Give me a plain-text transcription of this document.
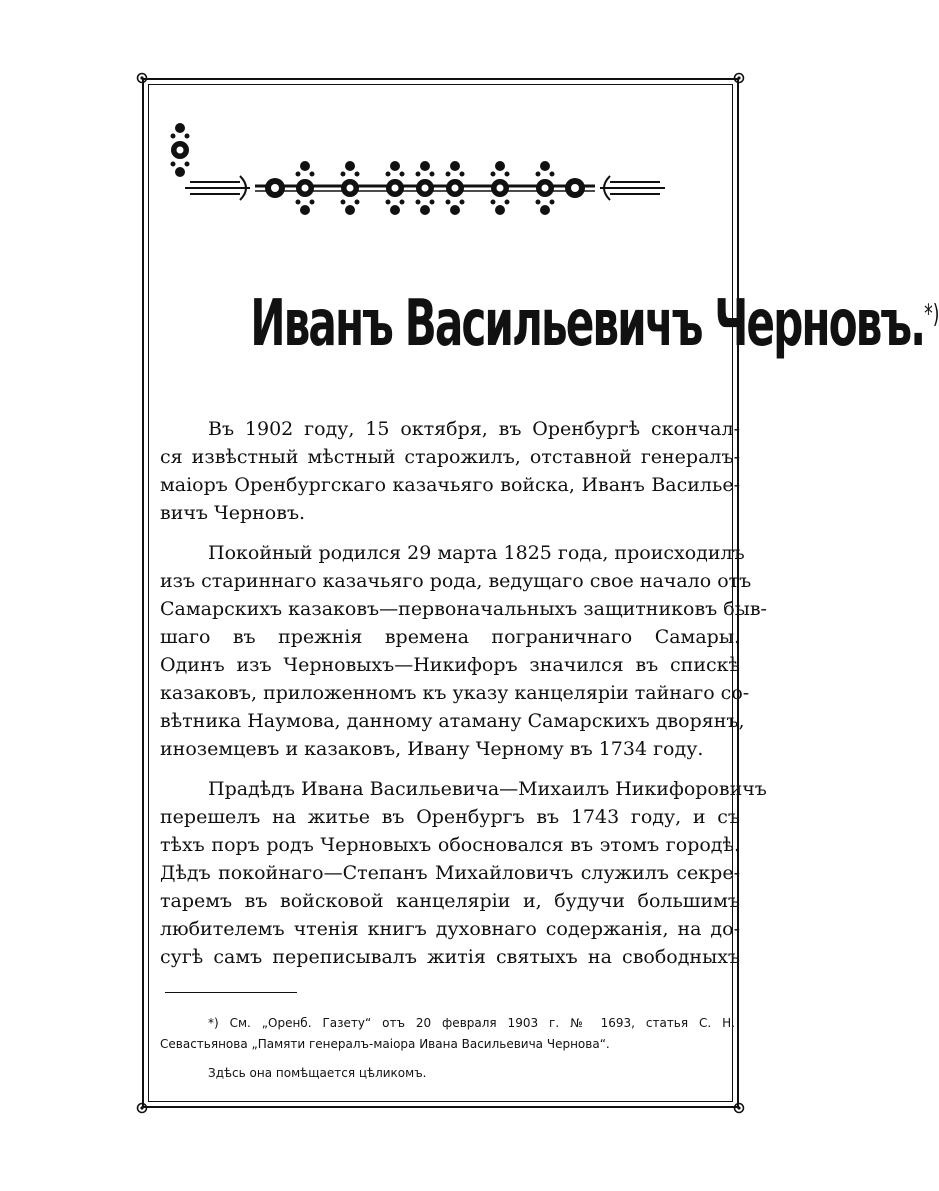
Иванъ Васильевичъ Черновъ.*)

Въ 1902 году, 15 октября, въ Оренбургѣ скончал-
ся извѣстный мѣстный старожилъ, отставной генералъ-
маіоръ Оренбургскаго казачьяго войска, Иванъ Василье-
вичъ Черновъ.

Покойный родился 29 марта 1825 года, происходилъ
изъ стариннаго казачьяго рода, ведущаго свое начало отъ
Самарскихъ казаковъ—первоначальныхъ защитниковъ быв-
шаго въ прежнія времена пограничнаго Самары.
Одинъ изъ Черновыхъ—Никифоръ значился въ спискѣ
казаковъ, приложенномъ къ указу канцеляріи тайнаго со-
вѣтника Наумова, данному атаману Самарскихъ дворянъ,
иноземцевъ и казаковъ, Ивану Черному въ 1734 году.

Прадѣдъ Ивана Васильевича—Михаилъ Никифоровичъ
перешелъ на житье въ Оренбургъ въ 1743 году, и съ
тѣхъ поръ родъ Черновыхъ обосновался въ этомъ городѣ.
Дѣдъ покойнаго—Степанъ Михайловичъ служилъ секре-
таремъ въ войсковой канцеляріи и, будучи большимъ
любителемъ чтенія книгъ духовнаго содержанія, на до-
сугѣ самъ переписывалъ житія святыхъ на свободныхъ

*) См. „Оренб. Газету“ отъ 20 февраля 1903 г. № 1693, статья С. Н.
Севастьянова „Памяти генералъ-маіора Ивана Васильевича Чернова“.
Здѣсь она помѣщается цѣликомъ.
